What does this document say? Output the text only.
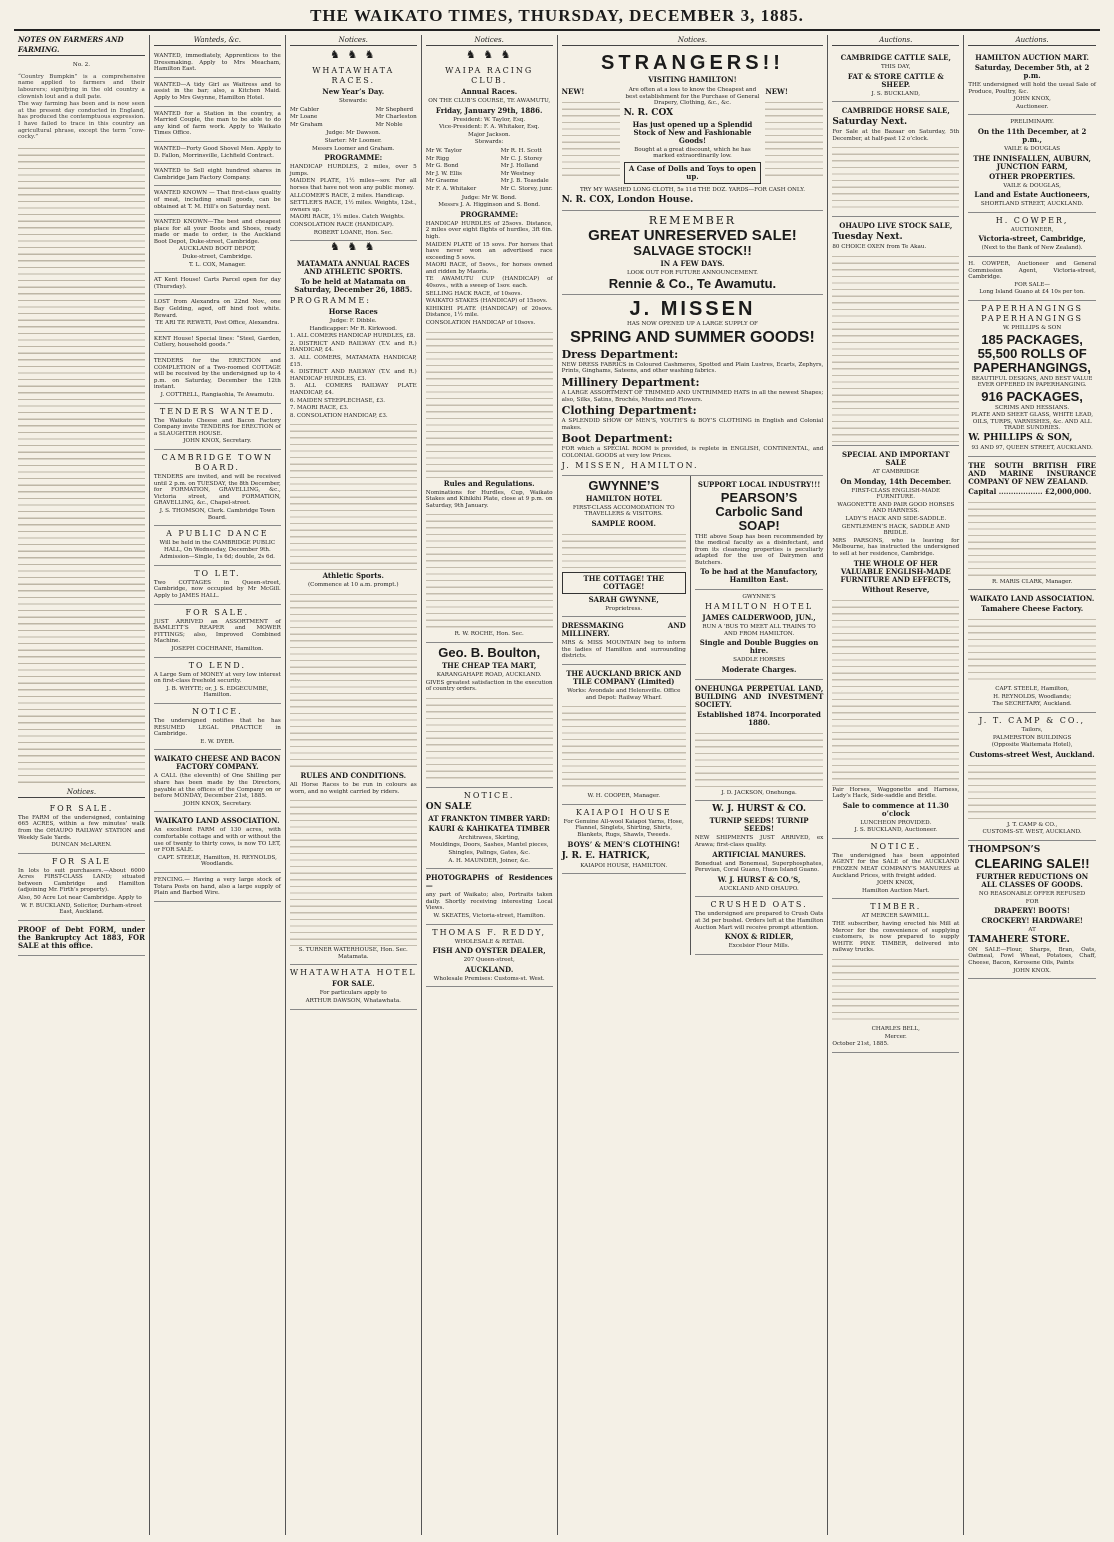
THE WAIKATO TIMES, THURSDAY, DECEMBER 3, 1885.
NOTES ON FARMERS AND FARMING.

No. 2.

“Country Bumpkin” is a comprehensive name applied to farmers and their labourers; signifying in the old country a clownish lout and a dull pate.

The way farming has been and is now seen at the present day conducted in England, has produced the contemptuous expression. I have failed to trace in this country an agricultural phrase, except the term “cow-cocky.”

Notices.
FOR SALE.

The FARM of the undersigned, containing 665 ACRES, within a few minutes’ walk from the OHAUPO RAILWAY STATION and Weekly Sale Yards.

DUNCAN McLAREN.

FOR SALE

In lots to suit purchasers.—About 6000 Acres FIRST-CLASS LAND; situated between Cambridge and Hamilton (adjoining Mr. Firth’s property).

Also, 50 Acre Lot near Cambridge. Apply to

W. F. BUCKLAND, Solicitor, Durham-street East, Auckland.

PROOF of Debt FORM, under the Bankruptcy Act 1883, FOR SALE at this office.

Wanteds, &c.

WANTED, immediately, Apprentices to the Dressmaking. Apply to Mrs Meacham, Hamilton East.

WANTED—A tidy Girl as Waitress and to assist in the bar; also, a Kitchen Maid. Apply to Mrs Gwynne, Hamilton Hotel.

WANTED for a Station in the country, a Married Couple, the man to be able to do any kind of farm work. Apply to Waikato Times Office.

WANTED—Forty Good Shovel Men. Apply to D. Fallon, Morrinsville, Lichfield Contract.

WANTED to Sell eight hundred shares in Cambridge Jam Factory Company.

WANTED KNOWN — That first-class quality of meat, including small goods, can be obtained at T. M. Hill’s on Saturday next.

WANTED KNOWN—The best and cheapest place for all your Boots and Shoes, ready made or made to order, is the Auckland Boot Depot, Duke-street, Cambridge.

AUCKLAND BOOT DEPOT,

Duke-street, Cambridge.

T. L. COX, Manager.

AT Kent House! Carts Parcel open for day (Thursday).

LOST from Alexandra on 22nd Nov., one Bay Gelding, aged, off hind foot white. Reward.

TE ARI TE REWETI, Post Office, Alexandra.

KENT House! Special lines: “Steel, Garden, Cutlery, household goods.”

TENDERS for the ERECTION and COMPLETION of a Two-roomed COTTAGE will be received by the undersigned up to 4 p.m. on Saturday, December the 12th instant.

J. COTTRELL, Rangiaohia, Te Awamutu.

TENDERS WANTED.

The Waikato Cheese and Bacon Factory Company invite TENDERS for ERECTION of a SLAUGHTER HOUSE.

JOHN KNOX, Secretary.

CAMBRIDGE TOWN BOARD.

TENDERS are invited, and will be received until 2 p.m. on TUESDAY, the 8th December, for FORMATION, GRAVELLING, &c., Victoria street, and FORMATION, GRAVELLING, &c., Chapel-street.

J. S. THOMSON, Clerk. Cambridge Town Board.

A PUBLIC DANCE

Will be held in the CAMBRIDGE PUBLIC HALL, On Wednesday, December 9th.

Admission—Single, 1s 6d; double, 2s 6d.

TO LET.

Two COTTAGES in Queen-street, Cambridge, now occupied by Mr McGill. Apply to JAMES HALL.

FOR SALE.

JUST ARRIVED an ASSORTMENT of BAMLETT’S REAPER and MOWER FITTINGS; also, Improved Combined Machine.

JOSEPH COCHRANE, Hamilton.

TO LEND.

A Large Sum of MONEY at very low interest on first-class freehold security.

J. B. WHYTE; or, J. S. EDGECUMBE, Hamilton.

NOTICE.

The undersigned notifies that he has RESUMED LEGAL PRACTICE in Cambridge.

E. W. DYER.

WAIKATO CHEESE AND BACON FACTORY COMPANY.

A CALL (the eleventh) of One Shilling per share has been made by the Directors, payable at the offices of the Company on or before MONDAY, December 21st, 1885.

JOHN KNOX, Secretary.

WAIKATO LAND ASSOCIATION.

An excellent FARM of 130 acres, with comfortable cottage and with or without the use of twenty to thirty cows, is now TO LET, or FOR SALE.

CAPT. STEELE, Hamilton, H. REYNOLDS, Woodlands.

FENCING.— Having a very large stock of Totara Posts on hand, also a large supply of Plain and Barbed Wire.

Notices.
♞ ♞ ♞
WHATAWHATA RACES.

New Year’s Day.

Stewards:

Mr Cabler

Mr Loane

Mr Graham

Mr Shepherd

Mr Charleston

Mr Noble

Judge: Mr Dawson.

Starter: Mr Loomer.

Messrs Loomer and Graham.

PROGRAMME:

HANDICAP HURDLES, 2 miles, over 5 jumps.

MAIDEN PLATE, 1½ miles—sov. For all horses that have not won any public money.

ALLCOMER’S RACE, 2 miles. Handicap.

SETTLER’S RACE, 1½ miles. Weights, 12st., owners up.

MAORI RACE, 1½ miles. Catch Weights.

CONSOLATION RACE (HANDICAP).

ROBERT LOANE, Hon. Sec.

♞ ♞ ♞
MATAMATA ANNUAL RACES AND ATHLETIC SPORTS.

To be held at Matamata on Saturday, December 26, 1885.

PROGRAMME:

Horse Races

Judge: F. Dibble.

Handicapper: Mr R. Kirkwood.

1. ALL COMERS HANDICAP HURDLES, £8.

2. DISTRICT AND RAILWAY (T.V. and R.) HANDICAP, £4.

3. ALL COMERS, MATAMATA HANDICAP, £15.

4. DISTRICT AND RAILWAY (T.V. and R.) HANDICAP HURDLES, £3.

5. ALL COMERS RAILWAY PLATE HANDICAP, £4.

6. MAIDEN STEEPLECHASE, £3.

7. MAORI RACE, £3.

8. CONSOLATION HANDICAP, £3.

Athletic Sports.

(Commence at 10 a.m. prompt.)

RULES AND CONDITIONS.

All Horse Races to be run in colours as worn, and no weight carried by riders.

S. TURNER WATERHOUSE, Hon. Sec. Matamata.

WHATAWHATA HOTEL

FOR SALE.

For particulars apply to

ARTHUR DAWSON, Whatawhata.

Notices.
♞ ♞ ♞
WAIPA RACING CLUB.

Annual Races.

ON THE CLUB’S COURSE, TE AWAMUTU,

Friday, January 29th, 1886.

President: W. Taylor, Esq.

Vice-President: F. A. Whitaker, Esq.

Major Jackson.

Stewards:

Mr W. Taylor

Mr Rigg

Mr G. Bond

Mr J. W. Ellis

Mr Graeme

Mr F. A. Whitaker

Mr R. H. Scott

Mr C. J. Storey

Mr J. Holland

Mr Westney

Mr J. B. Teasdale

Mr C. Storey, junr.

Judge: Mr W. Bond.

Messrs J. A. Higginson and S. Bond.

PROGRAMME:

HANDICAP HURDLES of 25sovs. Distance, 2 miles over eight flights of hurdles, 3ft 6in. high.

MAIDEN PLATE of 15 sovs. For horses that have never won an advertised race exceeding 5 sovs.

MAORI RACE, of 5sovs., for horses owned and ridden by Maoris.

TE AWAMUTU CUP (HANDICAP) of 40sovs., with a sweep of 1sov. each.

SELLING HACK RACE, of 10sovs.

WAIKATO STAKES (HANDICAP) of 15sovs.

KIHIKIHI PLATE (HANDICAP) of 20sovs. Distance, 1½ mile.

CONSOLATION HANDICAP of 10sovs.

Rules and Regulations.

Nominations for Hurdles, Cup, Waikato Stakes and Kihikihi Plate, close at 9 p.m. on Saturday, 9th January.

R. W. ROCHE, Hon. Sec.

Geo. B. Boulton,

THE CHEAP TEA MART,

KARANGAHAPE ROAD, AUCKLAND.

GIVES greatest satisfaction in the execution of country orders.

NOTICE.

ON SALE

AT FRANKTON TIMBER YARD:

KAURI & KAHIKATEA TIMBER

Architraves, Skirting,

Mouldings, Doors, Sashes, Mantel pieces,

Shingles, Palings, Gates, &c.

A. H. MAUNDER, Joiner, &c.

PHOTOGRAPHS of Residences—

any part of Waikato; also, Portraits taken daily. Shortly receiving interesting Local Views.

W. SKEATES, Victoria-street, Hamilton.

THOMAS F. REDDY,

WHOLESALE & RETAIL

FISH AND OYSTER DEALER,

207 Queen-street,

AUCKLAND.

Wholesale Premises: Customs-st. West.

Notices.
STRANGERS!!

VISITING HAMILTON!

NEW!	Are often at a loss to know the Cheapest and best establishment for the Purchase of General Drapery, Clothing, &c., &c.

N. R. COX

Has just opened up a Splendid Stock of New and Fashionable Goods!

Bought at a great discount, which he has marked extraordinarily low.

A Case of Dolls and Toys to open up.

NEW!

TRY MY WASHED LONG CLOTH, 5s 11d THE DOZ. YARDS—FOR CASH ONLY.

N. R. COX, London House.

REMEMBER
GREAT UNRESERVED SALE!
SALVAGE STOCK!!

IN A FEW DAYS.

LOOK OUT FOR FUTURE ANNOUNCEMENT.

Rennie & Co., Te Awamutu.
J. MISSEN

HAS NOW OPENED UP A LARGE SUPPLY OF

SPRING AND SUMMER GOODS!

Dress Department:

NEW DRESS FABRICS in Coloured Cashmeres, Spotted and Plain Lustres, Ecarts, Zephyrs, Prints, Ginghams, Sateens, and other washing fabrics.

Millinery Department:

A LARGE ASSORTMENT OF TRIMMED AND UNTRIMMED HATS in all the newest Shapes; also, Silks, Satins, Brochés, Muslins and Flowers.

Clothing Department:

A SPLENDID SHOW OF MEN’S, YOUTH’S & BOY’S CLOTHING in English and Colonial makes.

Boot Department:

FOR which a SPECIAL ROOM is provided, is replete in ENGLISH, CONTINENTAL, and COLONIAL GOODS at very low Prices.

J. MISSEN, HAMILTON.

GWYNNE’S

HAMILTON HOTEL

FIRST-CLASS ACCOMODATION TO TRAVELLERS & VISITORS.

SAMPLE ROOM.

THE COTTAGE! THE COTTAGE!

SARAH GWYNNE,

Proprietress.

DRESSMAKING AND MILLINERY.

MRS & MISS MOUNTAIN beg to inform the ladies of Hamilton and surrounding districts.

THE AUCKLAND BRICK AND TILE COMPANY (Limited)

Works: Avondale and Helensville. Office and Depot: Railway Wharf.

W. H. COOPER, Manager.

KAIAPOI HOUSE

For Genuine All-wool Kaiapoi Yarns, Hose, Flannel, Singlets, Shirting, Shirts, Blankets, Rugs, Shawls, Tweeds.

BOYS’ & MEN’S CLOTHING!

J. R. E. HATRICK,

KAIAPOI HOUSE, HAMILTON.

SUPPORT LOCAL INDUSTRY!!!

PEARSON’S Carbolic Sand SOAP!

THE above Soap has been recommended by the medical faculty as a disinfectant, and from its cleansing properties is peculiarly adapted for the use of Dairymen and Butchers.

To be had at the Manufactory, Hamilton East.

GWYNNE’S

HAMILTON HOTEL

JAMES CALDERWOOD, JUN.,

RUN A ’BUS TO MEET ALL TRAINS TO AND FROM HAMILTON.

Single and Double Buggies on hire.

SADDLE HORSES

Moderate Charges.

ONEHUNGA PERPETUAL LAND, BUILDING AND INVESTMENT SOCIETY.

Established 1874. Incorporated 1880.

J. D. JACKSON, Onehunga.

W. J. HURST & CO.

TURNIP SEEDS! TURNIP SEEDS!

NEW SHIPMENTS JUST ARRIVED, ex Arawa; first-class quality.

ARTIFICIAL MANURES.

Boneduat and Bonemeal, Superphosphates, Peruvian, Coral Guano, Huon Island Guano.

W. J. HURST & CO.’S,

AUCKLAND AND OHAUPO.

CRUSHED OATS.

The undersigned are prepared to Crush Oats at 3d per bushel. Orders left at the Hamilton Auction Mart will receive prompt attention.

KNOX & RIDLER,

Excelsior Flour Mills.

Auctions.

CAMBRIDGE CATTLE SALE,

THIS DAY,

FAT & STORE CATTLE & SHEEP.

J. S. BUCKLAND,

CAMBRIDGE HORSE SALE,

Saturday Next.

For Sale at the Bazaar on Saturday, 5th December, at half-past 12 o’clock.

OHAUPO LIVE STOCK SALE,

Tuesday Next.

80 CHOICE OXEN from Te Akau.

SPECIAL AND IMPORTANT SALE

AT CAMBRIDGE

On Monday, 14th December.

FIRST-CLASS ENGLISH-MADE FURNITURE.

WAGONETTE AND PAIR GOOD HORSES AND HARNESS.

LADY’S HACK AND SIDE-SADDLE.

GENTLEMEN’S HACK, SADDLE AND BRIDLE.

MRS PARSONS, who is leaving for Melbourne, has instructed the undersigned to sell at her residence, Cambridge.

THE WHOLE OF HER VALUABLE ENGLISH-MADE FURNITURE AND EFFECTS,

Without Reserve,

Pair Horses, Waggonette and Harness, Lady’s Hack, Side-saddle and Bridle.

Sale to commence at 11.30 o’clock

LUNCHEON PROVIDED.

J. S. BUCKLAND, Auctioneer.

NOTICE.

The undersigned has been appointed AGENT for the SALE of the AUCKLAND FROZEN MEAT COMPANY’S MANURES at Auckland Prices, with freight added.

JOHN KNOX,

Hamilton Auction Mart.

TIMBER.

AT MERCER SAWMILL.

THE subscriber, having erected his Mill at Mercer for the convenience of supplying customers, is now prepared to supply WHITE PINE TIMBER, delivered into railway trucks.

CHARLES BELL,

Mercer.

October 21st, 1885.

Auctions.

HAMILTON AUCTION MART.

Saturday, December 5th, at 2 p.m.

THE undersigned will hold the usual Sale of Produce, Poultry, &c.

JOHN KNOX,

Auctioneer.

PRELIMINARY.

On the 11th December, at 2 p.m.,

VAILE & DOUGLAS

THE INNISFALLEN, AUBURN, JUNCTION FARM,

OTHER PROPERTIES.

VAILE & DOUGLAS,

Land and Estate Auctioneers,

SHORTLAND STREET, AUCKLAND.

H. COWPER,

AUCTIONEER,

Victoria-street, Cambridge,

(Next to the Bank of New Zealand).

H. COWPER, Auctioneer and General Commission Agent, Victoria-street, Cambridge.

FOR SALE—

Long Island Guano at £4 10s per ton.

PAPERHANGINGS PAPERHANGINGS

W. PHILLIPS & SON

185 PACKAGES,
55,500 ROLLS OF PAPERHANGINGS,

BEAUTIFUL DESIGNS, AND BEST VALUE EVER OFFERED IN PAPERHANGING.

916 PACKAGES,

SCRIMS AND HESSIANS.

PLATE AND SHEET GLASS, WHITE LEAD, OILS, TURPS, VARNISHES, &c. AND ALL TRADE SUNDRIES.

W. PHILLIPS & SON,

93 AND 97, QUEEN STREET, AUCKLAND.

THE SOUTH BRITISH FIRE AND MARINE INSURANCE COMPANY OF NEW ZEALAND.

Capital .................. £2,000,000.

R. MARIS CLARK, Manager.

WAIKATO LAND ASSOCIATION.

Tamahere Cheese Factory.

CAPT. STEELE, Hamilton,

H. REYNOLDS, Woodlands;

The SECRETARY, Auckland.

J. T. CAMP & CO.,

Tailors,

PALMERSTON BUILDINGS

(Opposite Waitemata Hotel),

Customs-street West, Auckland.

J. T. CAMP & CO.,

CUSTOMS-ST. WEST, AUCKLAND.

THOMPSON’S

CLEARING SALE!!

FURTHER REDUCTIONS ON ALL CLASSES OF GOODS.

NO REASONABLE OFFER REFUSED

FOR

DRAPERY! BOOTS!

CROCKERY! HARDWARE!

AT

TAMAHERE STORE.

ON SALE—Flour, Sharps, Bran, Oats, Oatmeal, Fowl Wheat, Potatoes, Chaff, Cheese, Bacon, Kerosene Oils, Paints

JOHN KNOX.
